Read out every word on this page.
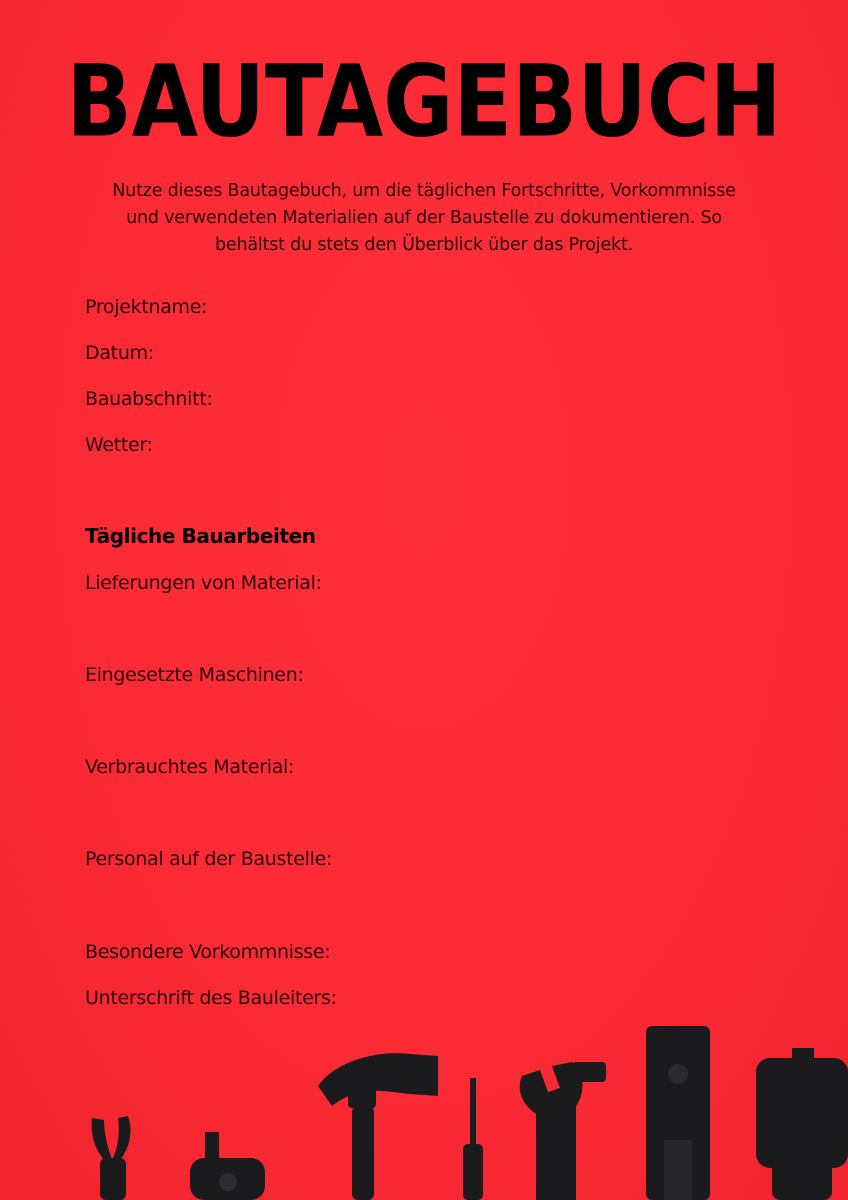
BAUTAGEBUCH
Nutze dieses Bautagebuch, um die täglichen Fortschritte, Vorkommnisse
und verwendeten Materialien auf der Baustelle zu dokumentieren. So
behältst du stets den Überblick über das Projekt.
Projektname:
Datum:
Bauabschnitt:
Wetter:
Tägliche Bauarbeiten
Lieferungen von Material:
Eingesetzte Maschinen:
Verbrauchtes Material:
Personal auf der Baustelle:
Besondere Vorkommnisse:
Unterschrift des Bauleiters:
